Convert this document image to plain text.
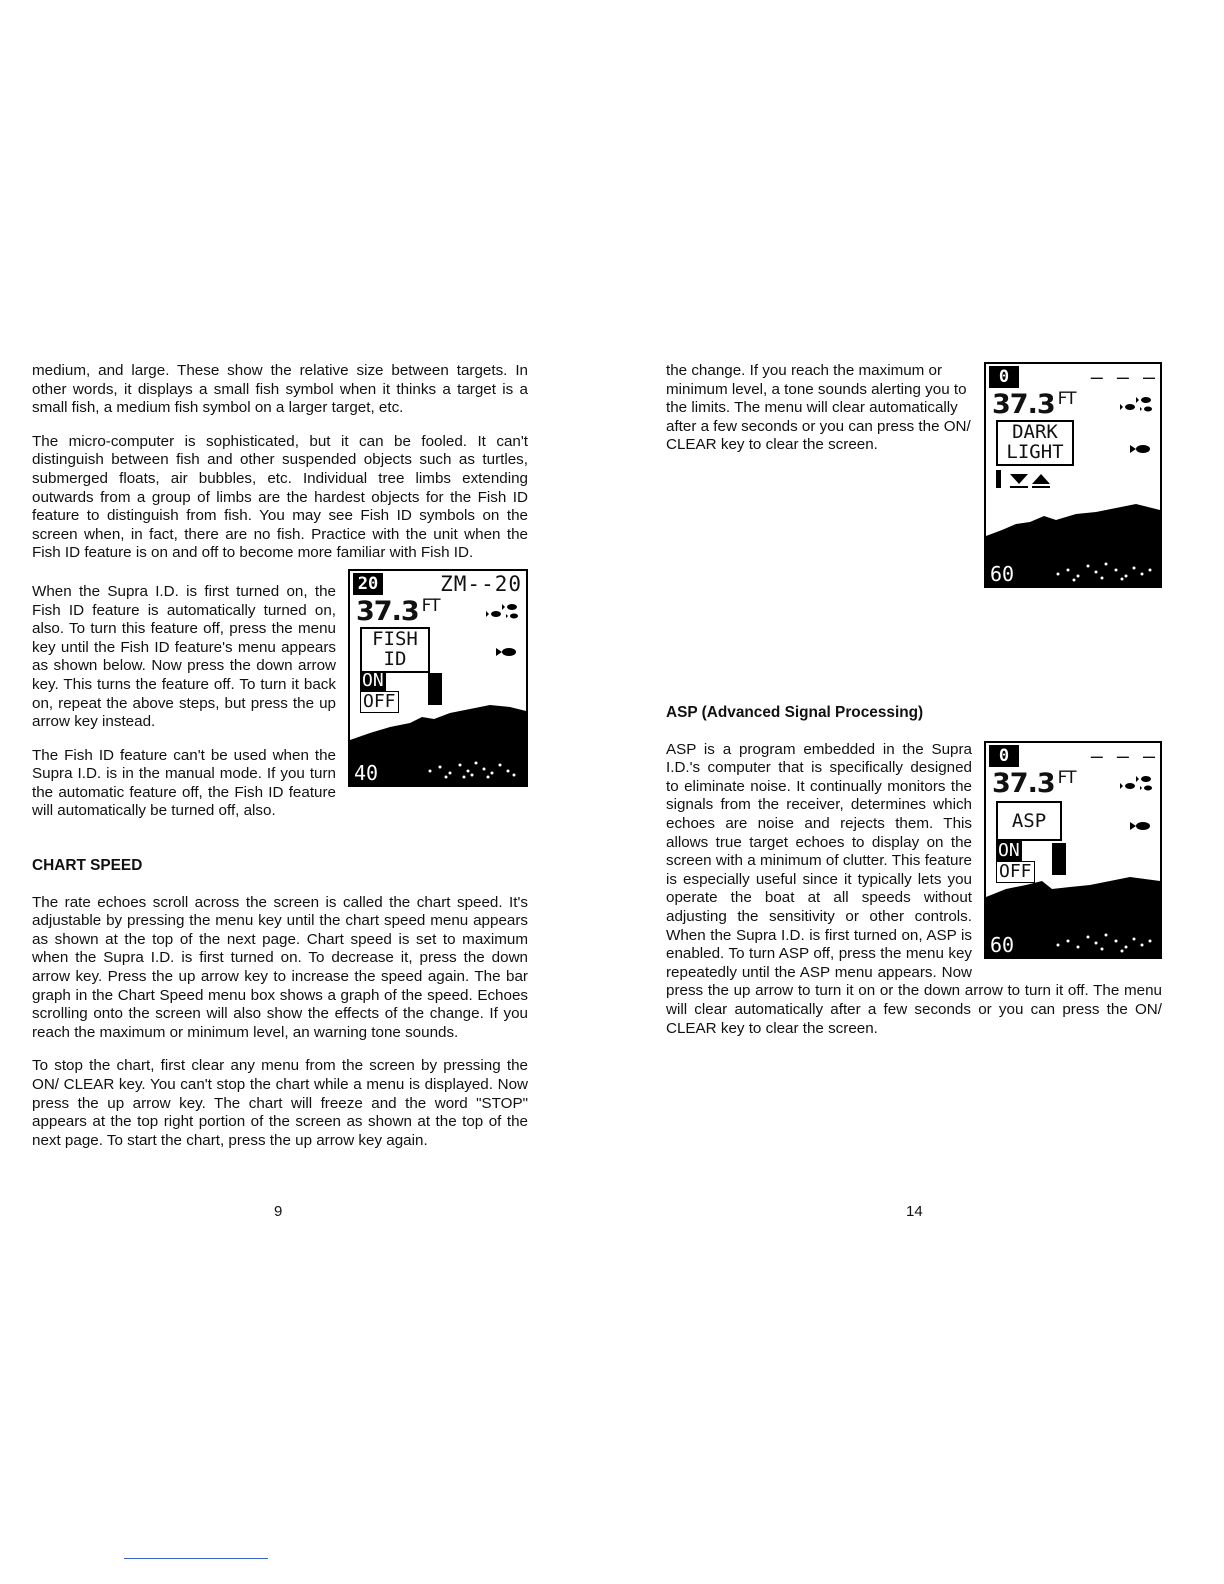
medium, and large. These show the relative size between targets. In other words, it displays a small fish symbol when it thinks a target is a small fish, a medium fish symbol on a larger target, etc.

The micro-computer is sophisticated, but it can be fooled. It can't distinguish between fish and other suspended objects such as turtles, submerged floats, air bubbles, etc. Individual tree limbs extending outwards from a group of limbs are the hardest objects for the Fish ID feature to distinguish from fish. You may see Fish ID symbols on the screen when, in fact, there are no fish. Practice with the unit when the Fish ID feature is on and off to become more familiar with Fish ID.

20	ZM--20
37.3 $^{FT}$
FISH
ID
ON
OFF
40

When the Supra I.D. is first turned on, the Fish ID feature is automatically turned on, also. To turn this feature off, press the menu key until the Fish ID feature's menu appears as shown below. Now press the down arrow key. This turns the feature off. To turn it back on, repeat the above steps, but press the up arrow key instead.

The Fish ID feature can't be used when the Supra I.D. is in the manual mode. If you turn the automatic feature off, the Fish ID feature will automatically be turned off, also.

CHART SPEED

The rate echoes scroll across the screen is called the chart speed. It's adjustable by pressing the menu key until the chart speed menu appears as shown at the top of the next page. Chart speed is set to maximum when the Supra I.D. is first turned on. To decrease it, press the down arrow key. Press the up arrow key to increase the speed again. The bar graph in the Chart Speed menu box shows a graph of the speed. Echoes scrolling onto the screen will also show the effects of the change. If you reach the maximum or minimum level, an warning tone sounds.

To stop the chart, first clear any menu from the screen by pressing the ON/ CLEAR key. You can't stop the chart while a menu is displayed. Now press the up arrow key. The chart will freeze and the word "STOP" appears at the top right portion of the screen as shown at the top of the next page. To start the chart, press the up arrow key again.

9
0	— — —
37.3 $^{FT}$
DARK
LIGHT
60

the change. If you reach the maximum or minimum level, a tone sounds alerting you to the limits. The menu will clear automatically after a few seconds or you can press the ON/ CLEAR key to clear the screen.

ASP (Advanced Signal Processing)
0	— — —
37.3 $^{FT}$
ASP
ON
OFF
60

ASP is a program embedded in the Supra I.D.'s computer that is specifically designed to eliminate noise. It continually monitors the signals from the receiver, determines which echoes are noise and rejects them. This allows true target echoes to display on the screen with a minimum of clutter. This feature is especially useful since it typically lets you operate the boat at all speeds without adjusting the sensitivity or other controls. When the Supra I.D. is first turned on, ASP is enabled. To turn ASP off, press the menu key repeatedly until the ASP menu appears. Now press the up arrow to turn it on or the down arrow to turn it off. The menu will clear automatically after a few seconds or you can press the ON/ CLEAR key to clear the screen.

14
